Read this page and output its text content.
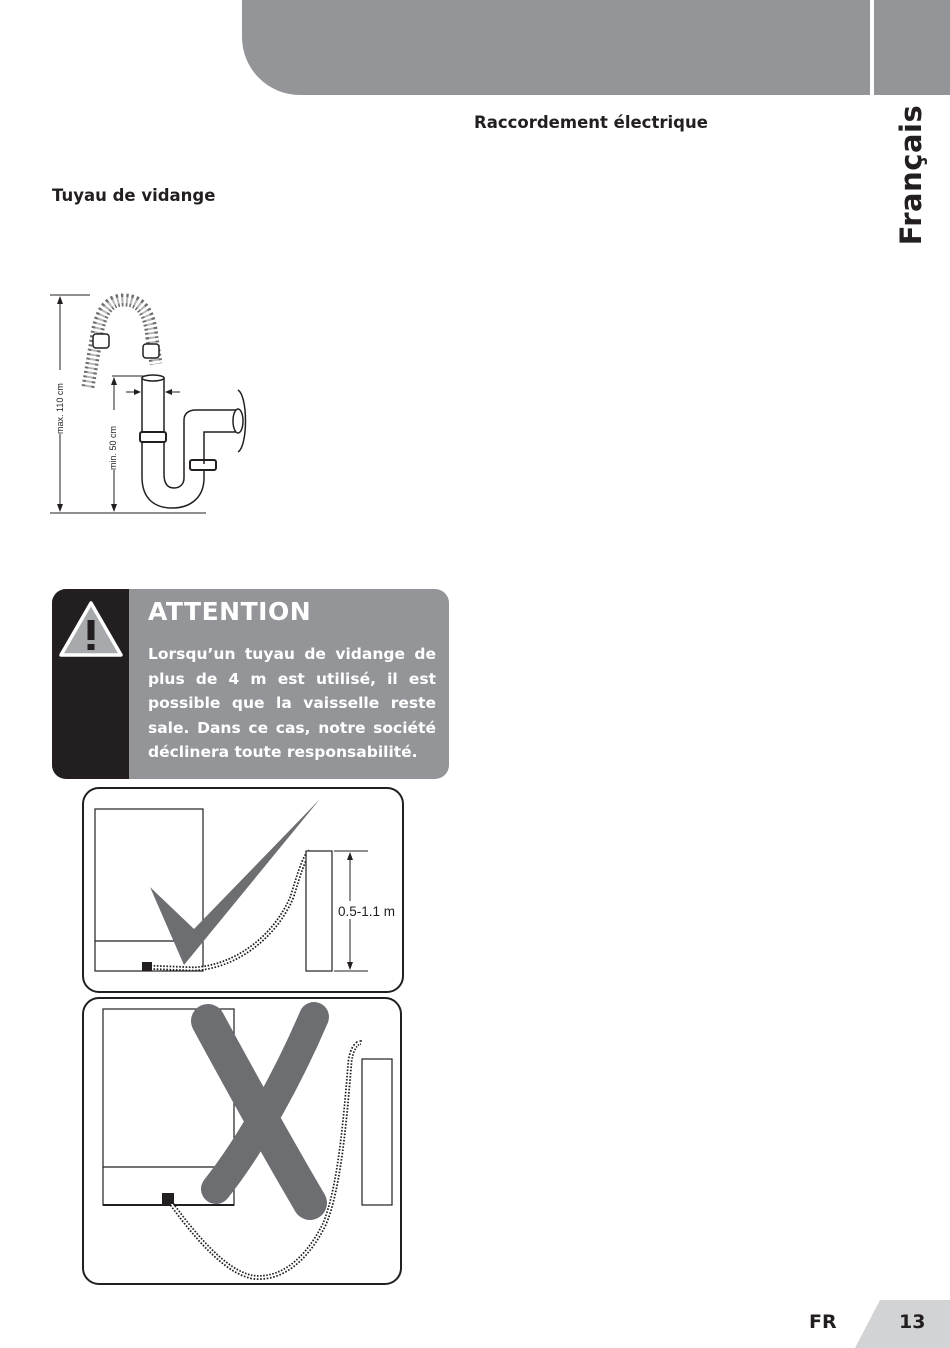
Français
Raccordement électrique
Tuyau de vidange
max. 110 cm
min. 50 cm
ATTENTION

Lorsqu’un tuyau de vidange de plus de 4 m est utilisé, il est possible que la vaisselle reste sale. Dans ce cas, notre société déclinera toute responsabilité.

0.5-1.1 m
FR	13
